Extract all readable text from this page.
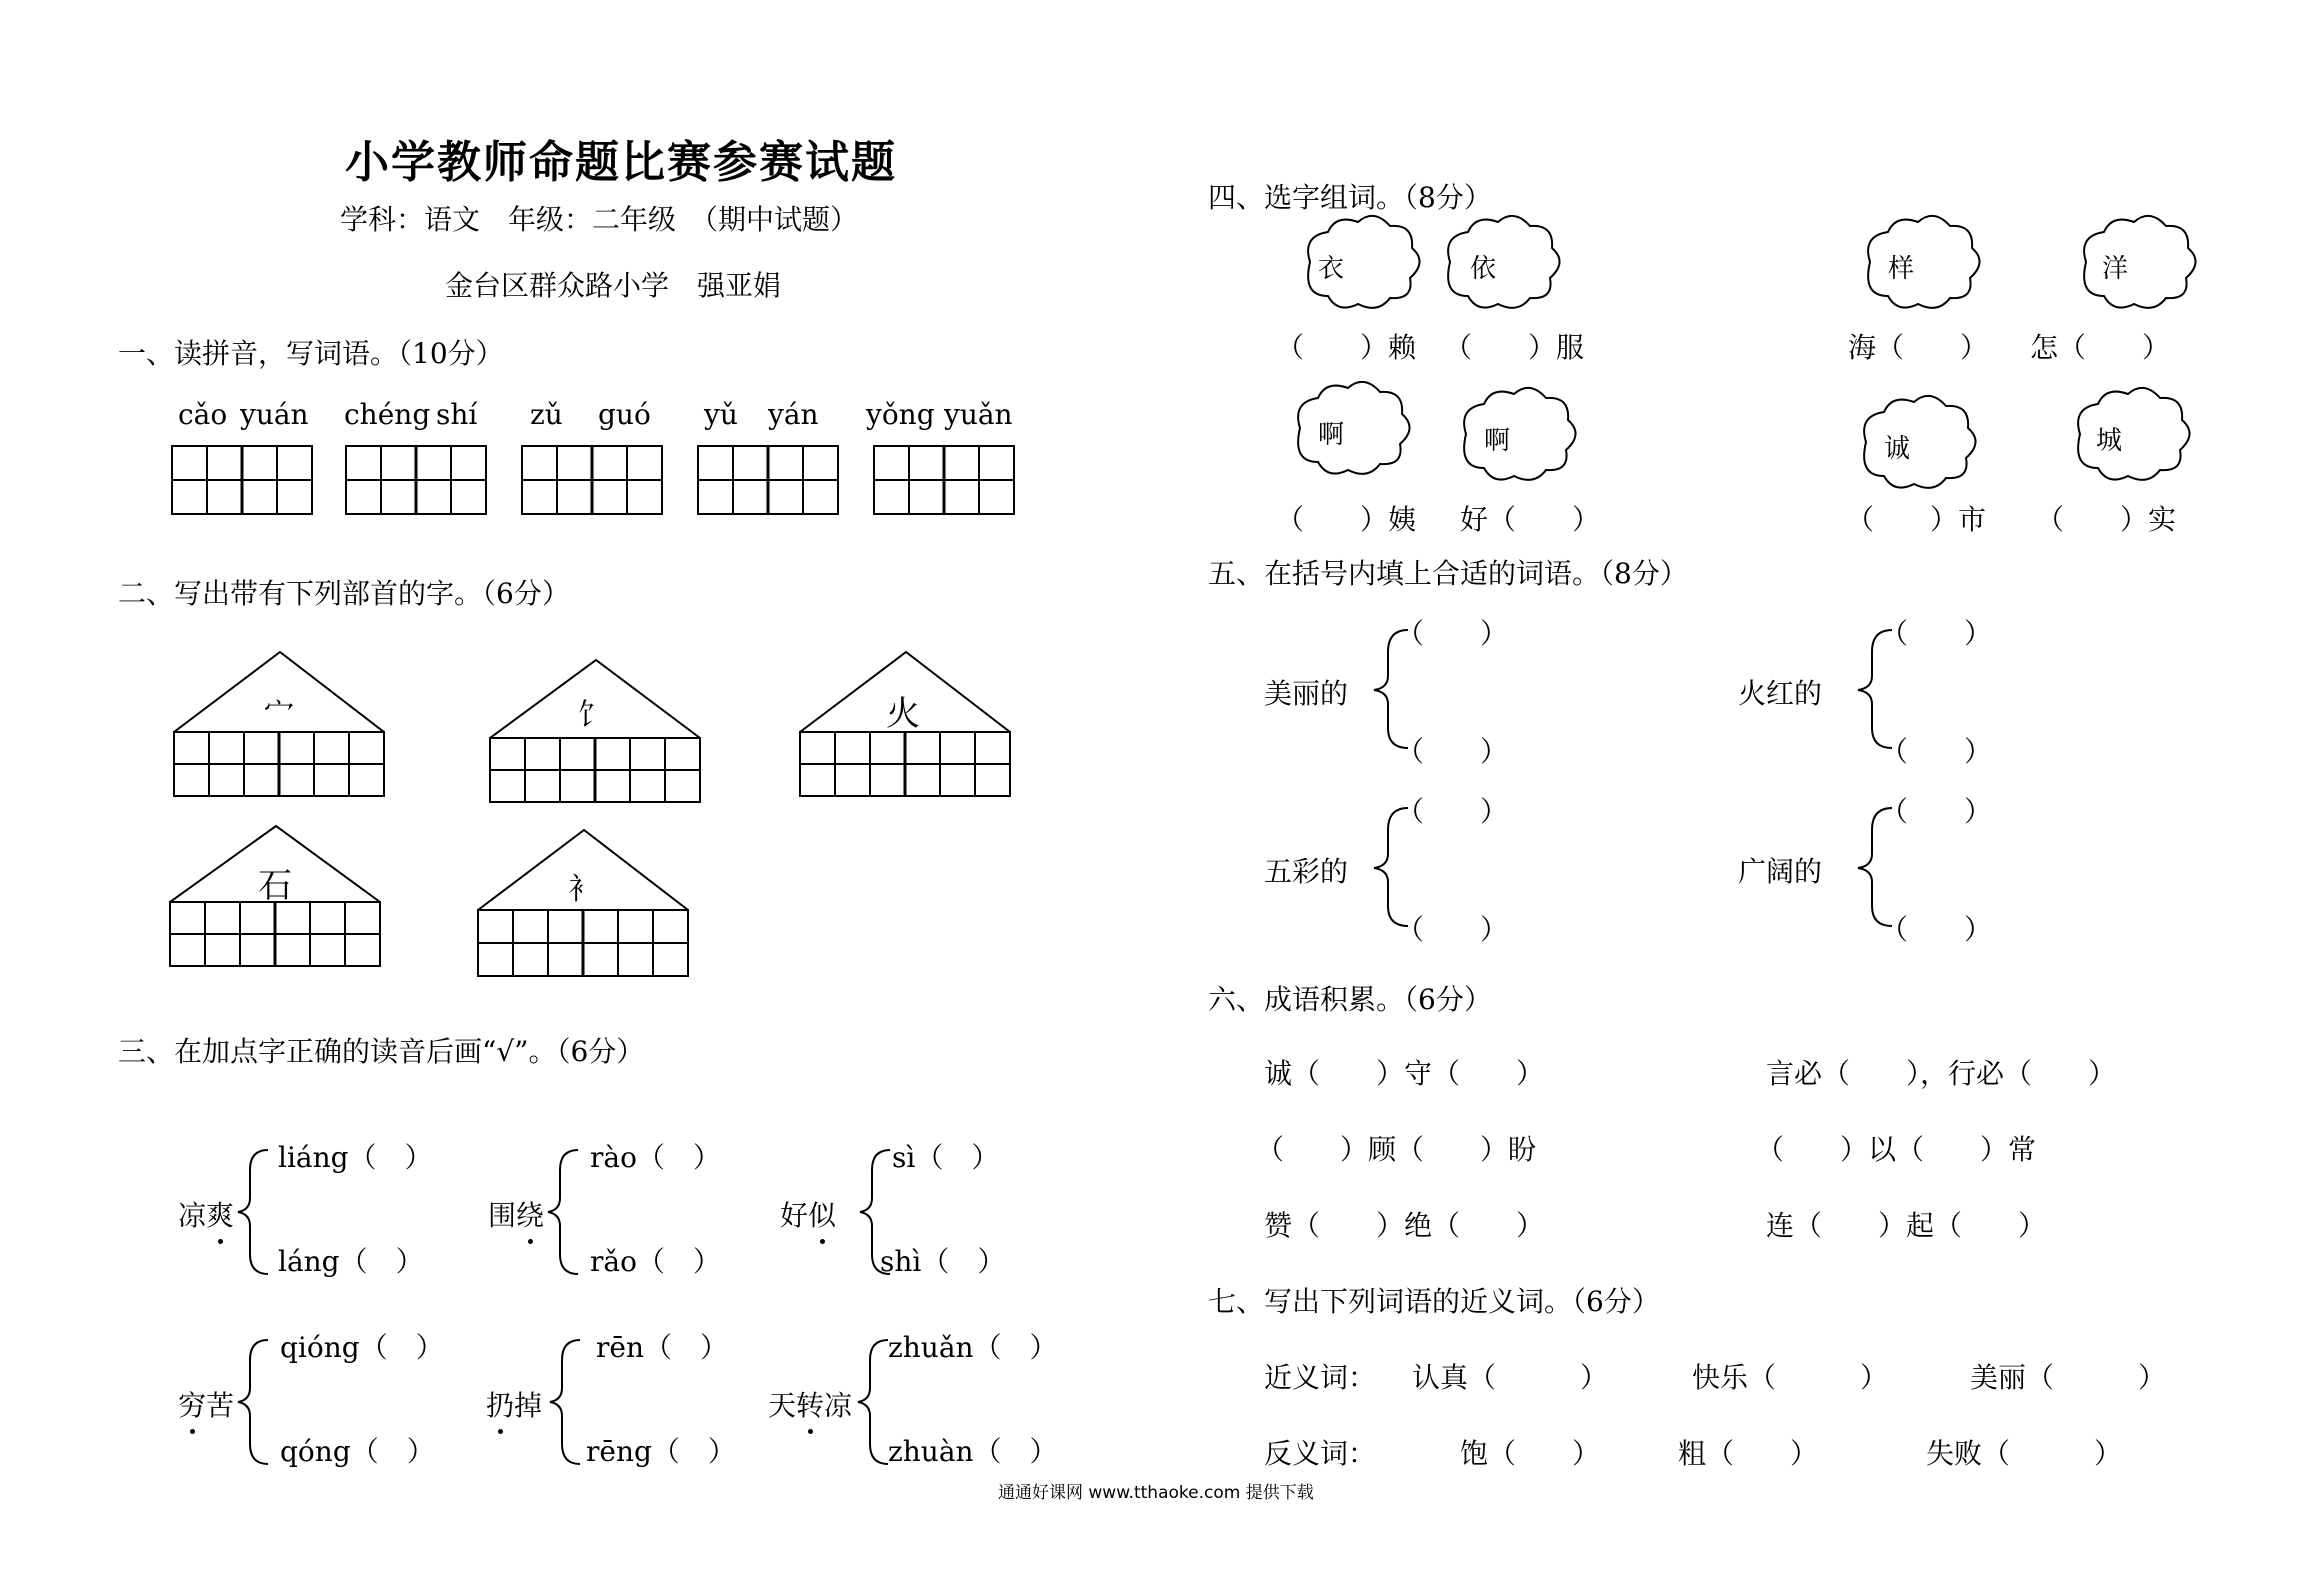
小学教师命题比赛参赛试题
学科：语文　年级：二年级　（期中试题）
金台区群众路小学　强亚娟
一、读拼音，写词语。（10分）
cǎo yuán chéng shí zǔ guó yǔ yán yǒng yuǎn
二、写出带有下列部首的字。（6分）
宀	饣	火
石	衤
三、在加点字正确的读音后画“√”。（6分）
凉爽
liáng（　）
láng（　）
围绕
rào（　）
rǎo（　）
好似
sì（　）
shì（　）
穷苦
qióng（　）
qóng（　）
扔掉
rēn（　）
rēng（　）
天转凉
zhuǎn（　）
zhuàn（　）
四、选字组词。（8分）
衣	依	样	洋
啊	啊	诚	城
（　　）赖 （　　）服	海（　　） 怎（　　）
（　　）姨 好（　　）	（　　）市 （　　）实
五、在括号内填上合适的词语。（8分）
美丽的
（　　）
（　　）
火红的
（　　）
（　　）
五彩的
（　　）
（　　）
广阔的
（　　）
（　　）
六、成语积累。（6分）
诚（　　）守（　　）	言必（　　），行必（　　）
（　　）顾（　　）盼	（　　）以（　　）常
赞（　　）绝（　　）	连（　　）起（　　）
七、写出下列词语的近义词。（6分）
近义词： 认真（　　　）	快乐（　　　）	美丽（　　　）
反义词：	饱（　　）	粗（　　）	失败（　　　）
通通好课网 www.tthaoke.com 提供下载
